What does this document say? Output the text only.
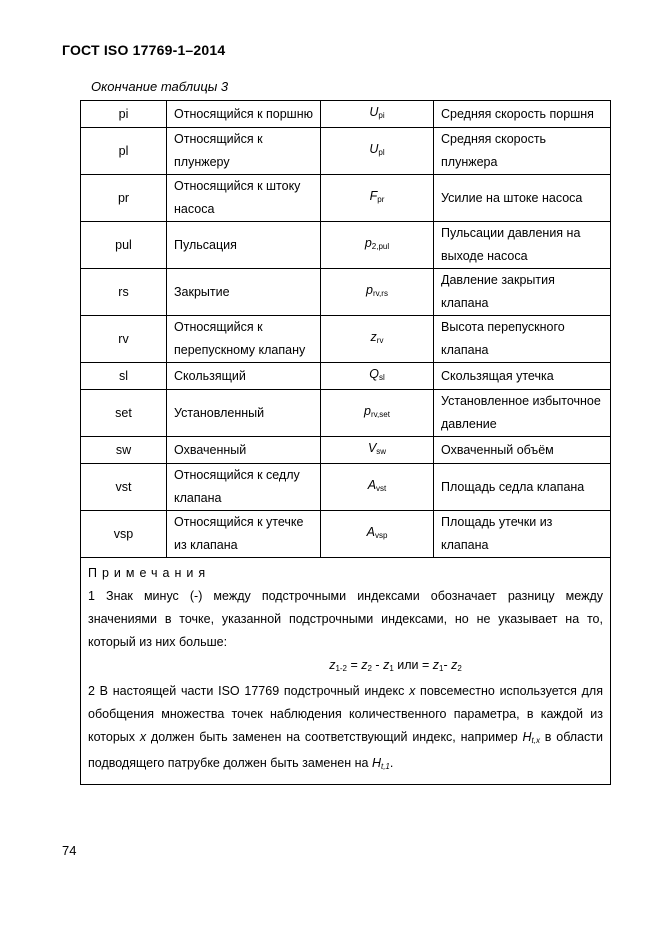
ГОСТ ISO 17769-1–2014
Окончание таблицы 3
pi	Относящийся к поршню	$U_{pi}$	Средняя скорость поршня
pl	Относящийся к плунжеру	$U_{pl}$	Средняя скорость плунжера
pr	Относящийся к штоку насоса	$F_{pr}$	Усилие на штоке насоса
pul	Пульсация	$p_{2,pul}$	Пульсации давления на выходе насоса
rs	Закрытие	$p_{rv,rs}$	Давление закрытия клапана
rv	Относящийся к перепускному клапану	$z_{rv}$	Высота перепускного клапана
sl	Скользящий	$Q_{sl}$	Скользящая утечка
set	Установленный	$p_{rv,set}$	Установленное избыточное давление
sw	Охваченный	$V_{sw}$	Охваченный объём
vst	Относящийся к седлу клапана	$A_{vst}$	Площадь седла клапана
vsp	Относящийся к утечке из клапана	$A_{vsp}$	Площадь утечки из клапана

Примечания
1 Знак минус (-) между подстрочными индексами обозначает разницу между значениями в точке, указанной подстрочными индексами, но не указывает на то, который из них больше:
$z_{1-2} = z_2 - z_1$ или = $z_1-$ $z_2$
2 В настоящей части ISO 17769 подстрочный индекс x повсеместно используется для обобщения множества точек наблюдения количественного параметра, в каждой из которых x должен быть заменен на соответствующий индекс, например $H_{t,x}$ в области подводящего патрубке должен быть заменен на $H_{t,1}$.			
74
